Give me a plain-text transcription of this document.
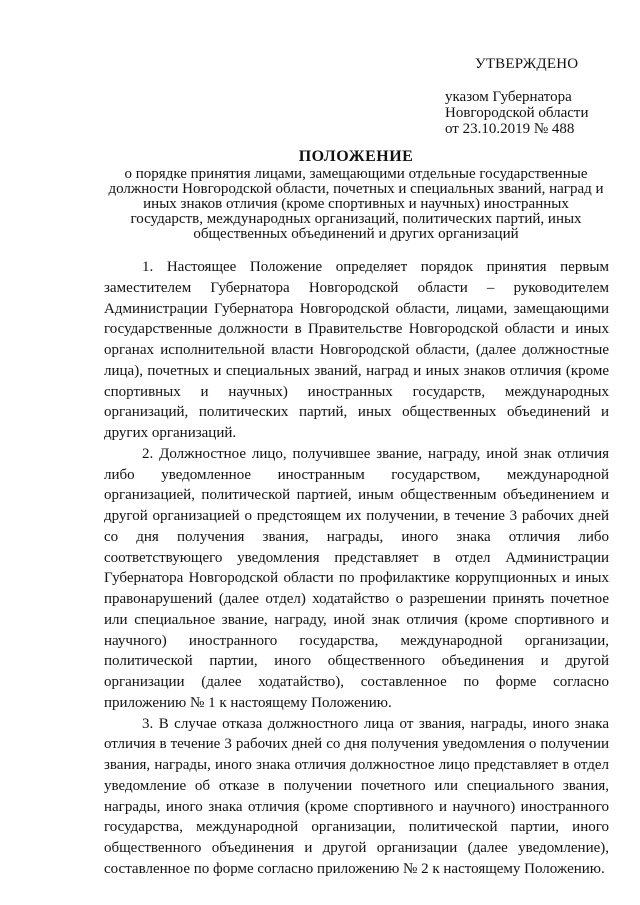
УТВЕРЖДЕНО
указом Губернатора
Новгородской области
от 23.10.2019 № 488
ПОЛОЖЕНИЕ
о порядке принятия лицами, замещающими отдельные государственные
должности Новгородской области, почетных и специальных званий, наград и
иных знаков отличия (кроме спортивных и научных) иностранных
государств, международных организаций, политических партий, иных
общественных объединений и других организаций

1. Настоящее Положение определяет порядок принятия первым заместителем Губернатора Новгородской области – руководителем Администрации Губернатора Новгородской области, лицами, замещающими государственные должности в Правительстве Новгородской области и иных органах исполнительной власти Новгородской области, (далее должностные лица), почетных и специальных званий, наград и иных знаков отличия (кроме спортивных и научных) иностранных государств, международных организаций, политических партий, иных общественных объединений и других организаций.

2. Должностное лицо, получившее звание, награду, иной знак отличия либо уведомленное иностранным государством, международной организацией, политической партией, иным общественным объединением и другой организацией о предстоящем их получении, в течение 3 рабочих дней со дня получения звания, награды, иного знака отличия либо соответствующего уведомления представляет в отдел Администрации Губернатора Новгородской области по профилактике коррупционных и иных правонарушений (далее отдел) ходатайство о разрешении принять почетное или специальное звание, награду, иной знак отличия (кроме спортивного и научного) иностранного государства, международной организации, политической партии, иного общественного объединения и другой организации (далее ходатайство), составленное по форме согласно приложению № 1 к настоящему Положению.

3. В случае отказа должностного лица от звания, награды, иного знака отличия в течение 3 рабочих дней со дня получения уведомления о получении звания, награды, иного знака отличия должностное лицо представляет в отдел уведомление об отказе в получении почетного или специального звания, награды, иного знака отличия (кроме спортивного и научного) иностранного государства, международной организации, политической партии, иного общественного объединения и другой организации (далее уведомление), составленное по форме согласно приложению № 2 к настоящему Положению.
